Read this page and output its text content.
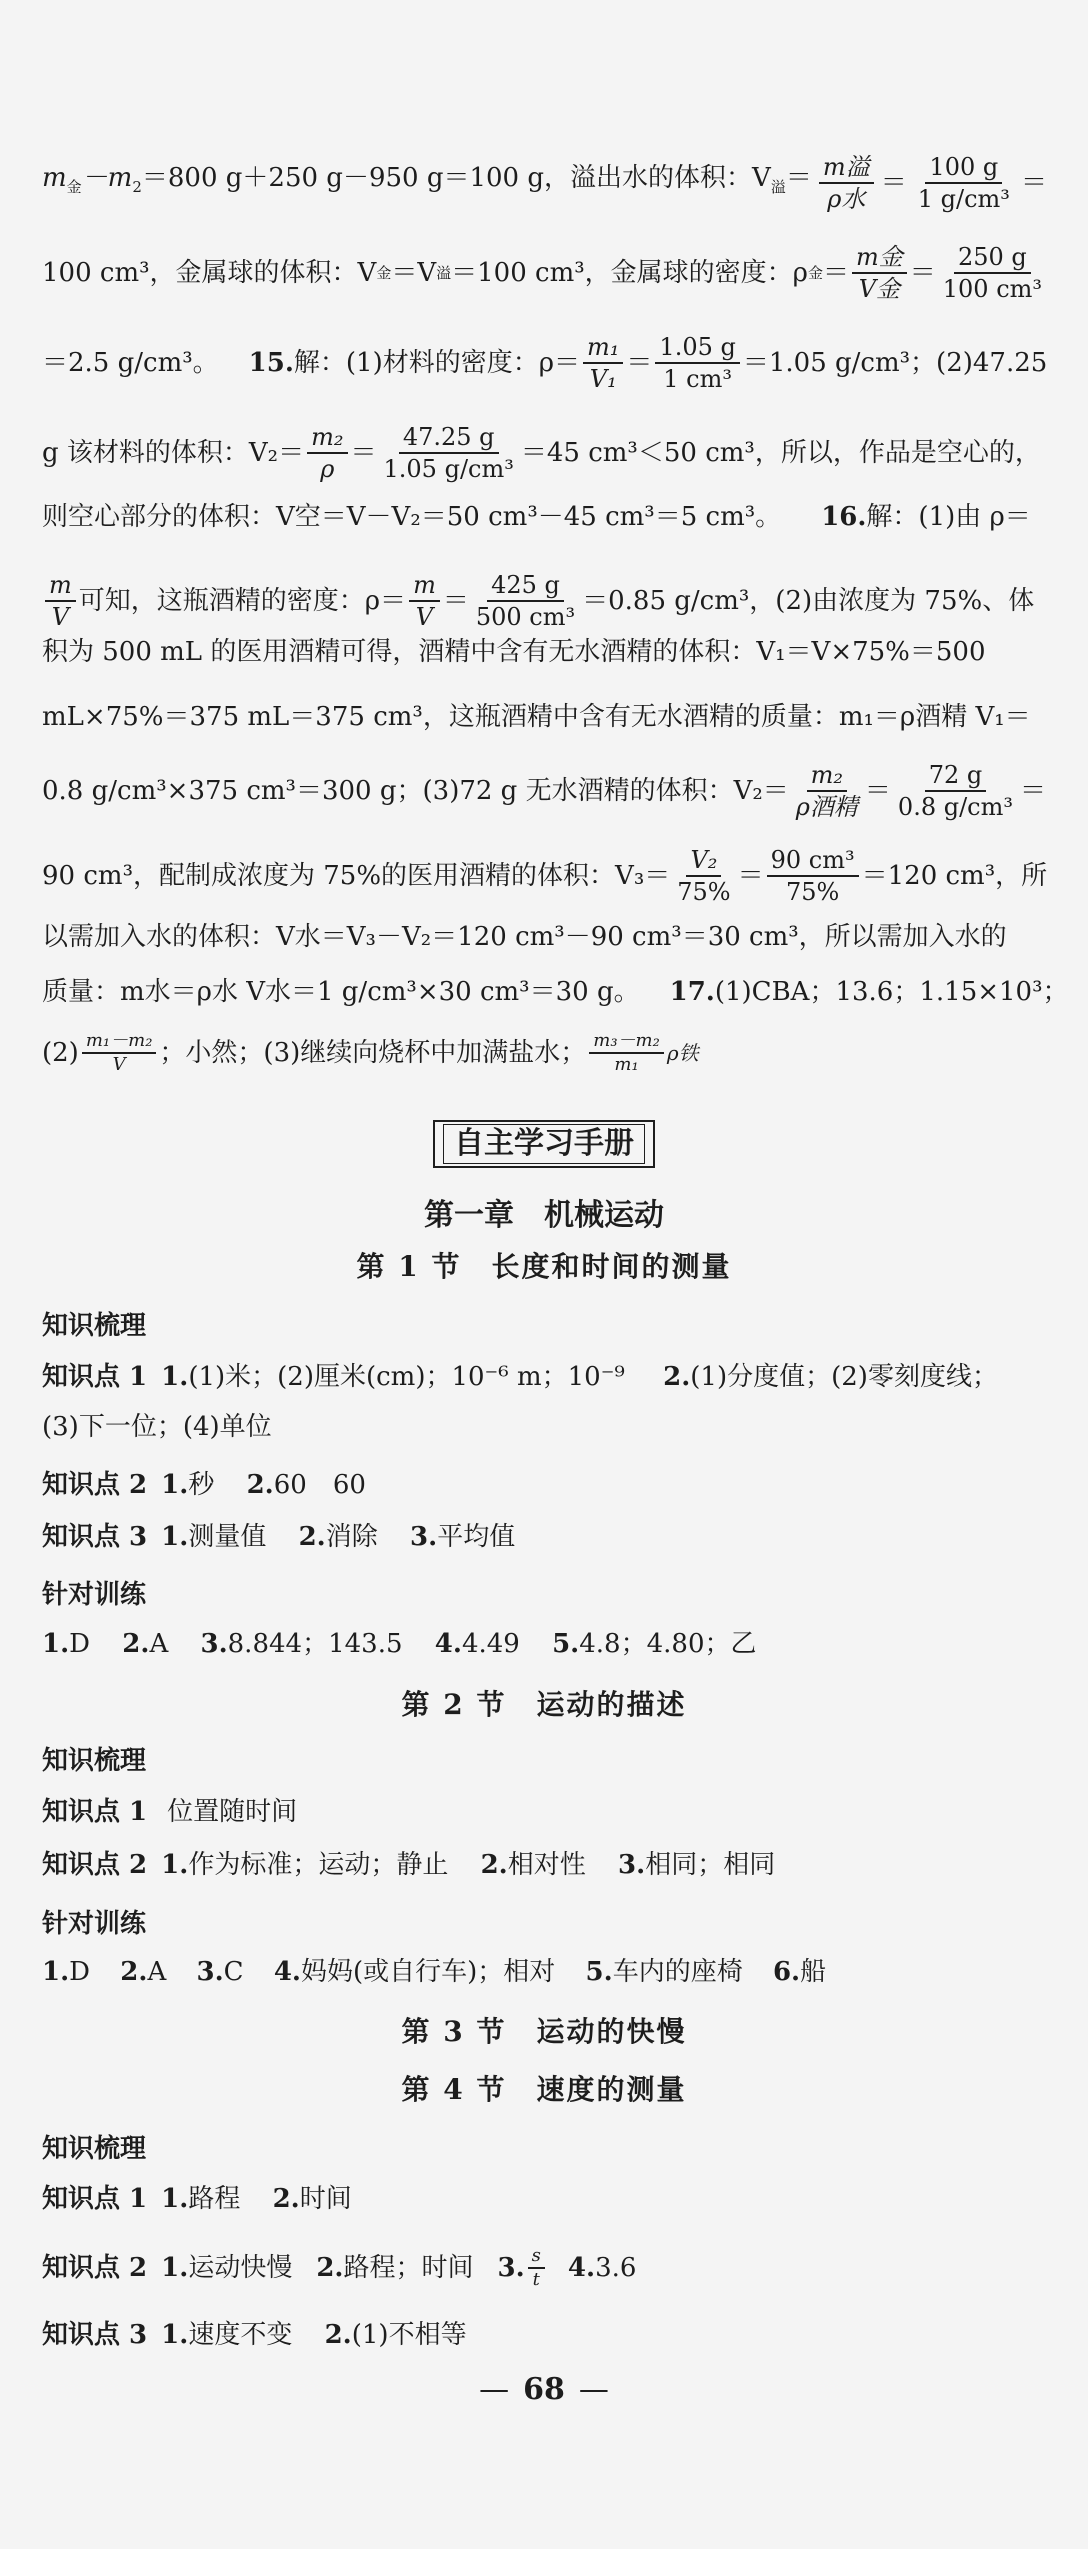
$m_金-m_2=800$ g＋250 g－950 g＝100 g，溢出水的体积：$V_溢= m$溢
ρ水
＝
100 g
1 g/cm³
＝
100 cm³，金属球的体积：V 金 ＝V 溢 ＝100 cm³，金属球的密度：ρ 金 ＝
m金
V金
＝
250 g
100 cm³
＝2.5 g/cm³。 15. 解：(1)材料的密度：ρ＝
m₁
V₁
＝
1.05 g
1 cm³
＝1.05 g/cm³；(2)47.25
g 该材料的体积：V₂＝
m₂
ρ
＝
47.25 g
1.05 g/cm³
＝45 cm³＜50 cm³，所以，作品是空心的，
则空心部分的体积：V空＝V－V₂＝50 cm³－45 cm³＝5 cm³。 16.解：(1)由 ρ＝
m
V
可知，这瓶酒精的密度：ρ＝
m
V
＝
425 g
500 cm³
＝0.85 g/cm³，(2)由浓度为 75%、体
积为 500 mL 的医用酒精可得，酒精中含有无水酒精的体积：V₁＝V×75%＝500
mL×75%＝375 mL＝375 cm³，这瓶酒精中含有无水酒精的质量：m₁＝ρ酒精 V₁＝
0.8 g/cm³×375 cm³＝300 g；(3)72 g 无水酒精的体积：V₂＝
m₂
ρ酒精
＝
72 g
0.8 g/cm³
＝
90 cm³，配制成浓度为 75%的医用酒精的体积：V₃＝
V₂
75%
＝
90 cm³
75%
＝120 cm³，所
以需加入水的体积：V水＝V₃－V₂＝120 cm³－90 cm³＝30 cm³，所以需加入水的
质量：m水＝ρ水 V水＝1 g/cm³×30 cm³＝30 g。 17.(1)CBA；13.6；1.15×10³；
(2) m₁－m₂
V ；小然；(3)继续向烧杯中加满盐水； m₃－m₂
m₁ ρ铁
自主学习手册
第一章　机械运动
第 1 节　长度和时间的测量
知识梳理
知识点 1 1.(1)米；(2)厘米(cm)；10⁻⁶ m；10⁻⁹ 2.(1)分度值；(2)零刻度线；
(3)下一位；(4)单位
知识点 2 1.秒 2.60　60
知识点 3 1.测量值 2.消除 3.平均值
针对训练
1.D 2.A 3.8.844；143.5 4.4.49 5.4.8；4.80；乙
第 2 节　运动的描述
知识梳理
知识点 1 位置随时间
知识点 2 1.作为标准；运动；静止 2.相对性 3.相同；相同
针对训练
1.D 2.A 3.C 4.妈妈(或自行车)；相对 5.车内的座椅 6.船
第 3 节　运动的快慢
第 4 节　速度的测量
知识梳理
知识点 1 1.路程 2.时间
知识点 2 1. 运动快慢 2. 路程；时间 3. s
t 4. 3.6
知识点 3 1.速度不变 2.(1)不相等
— 68 —
